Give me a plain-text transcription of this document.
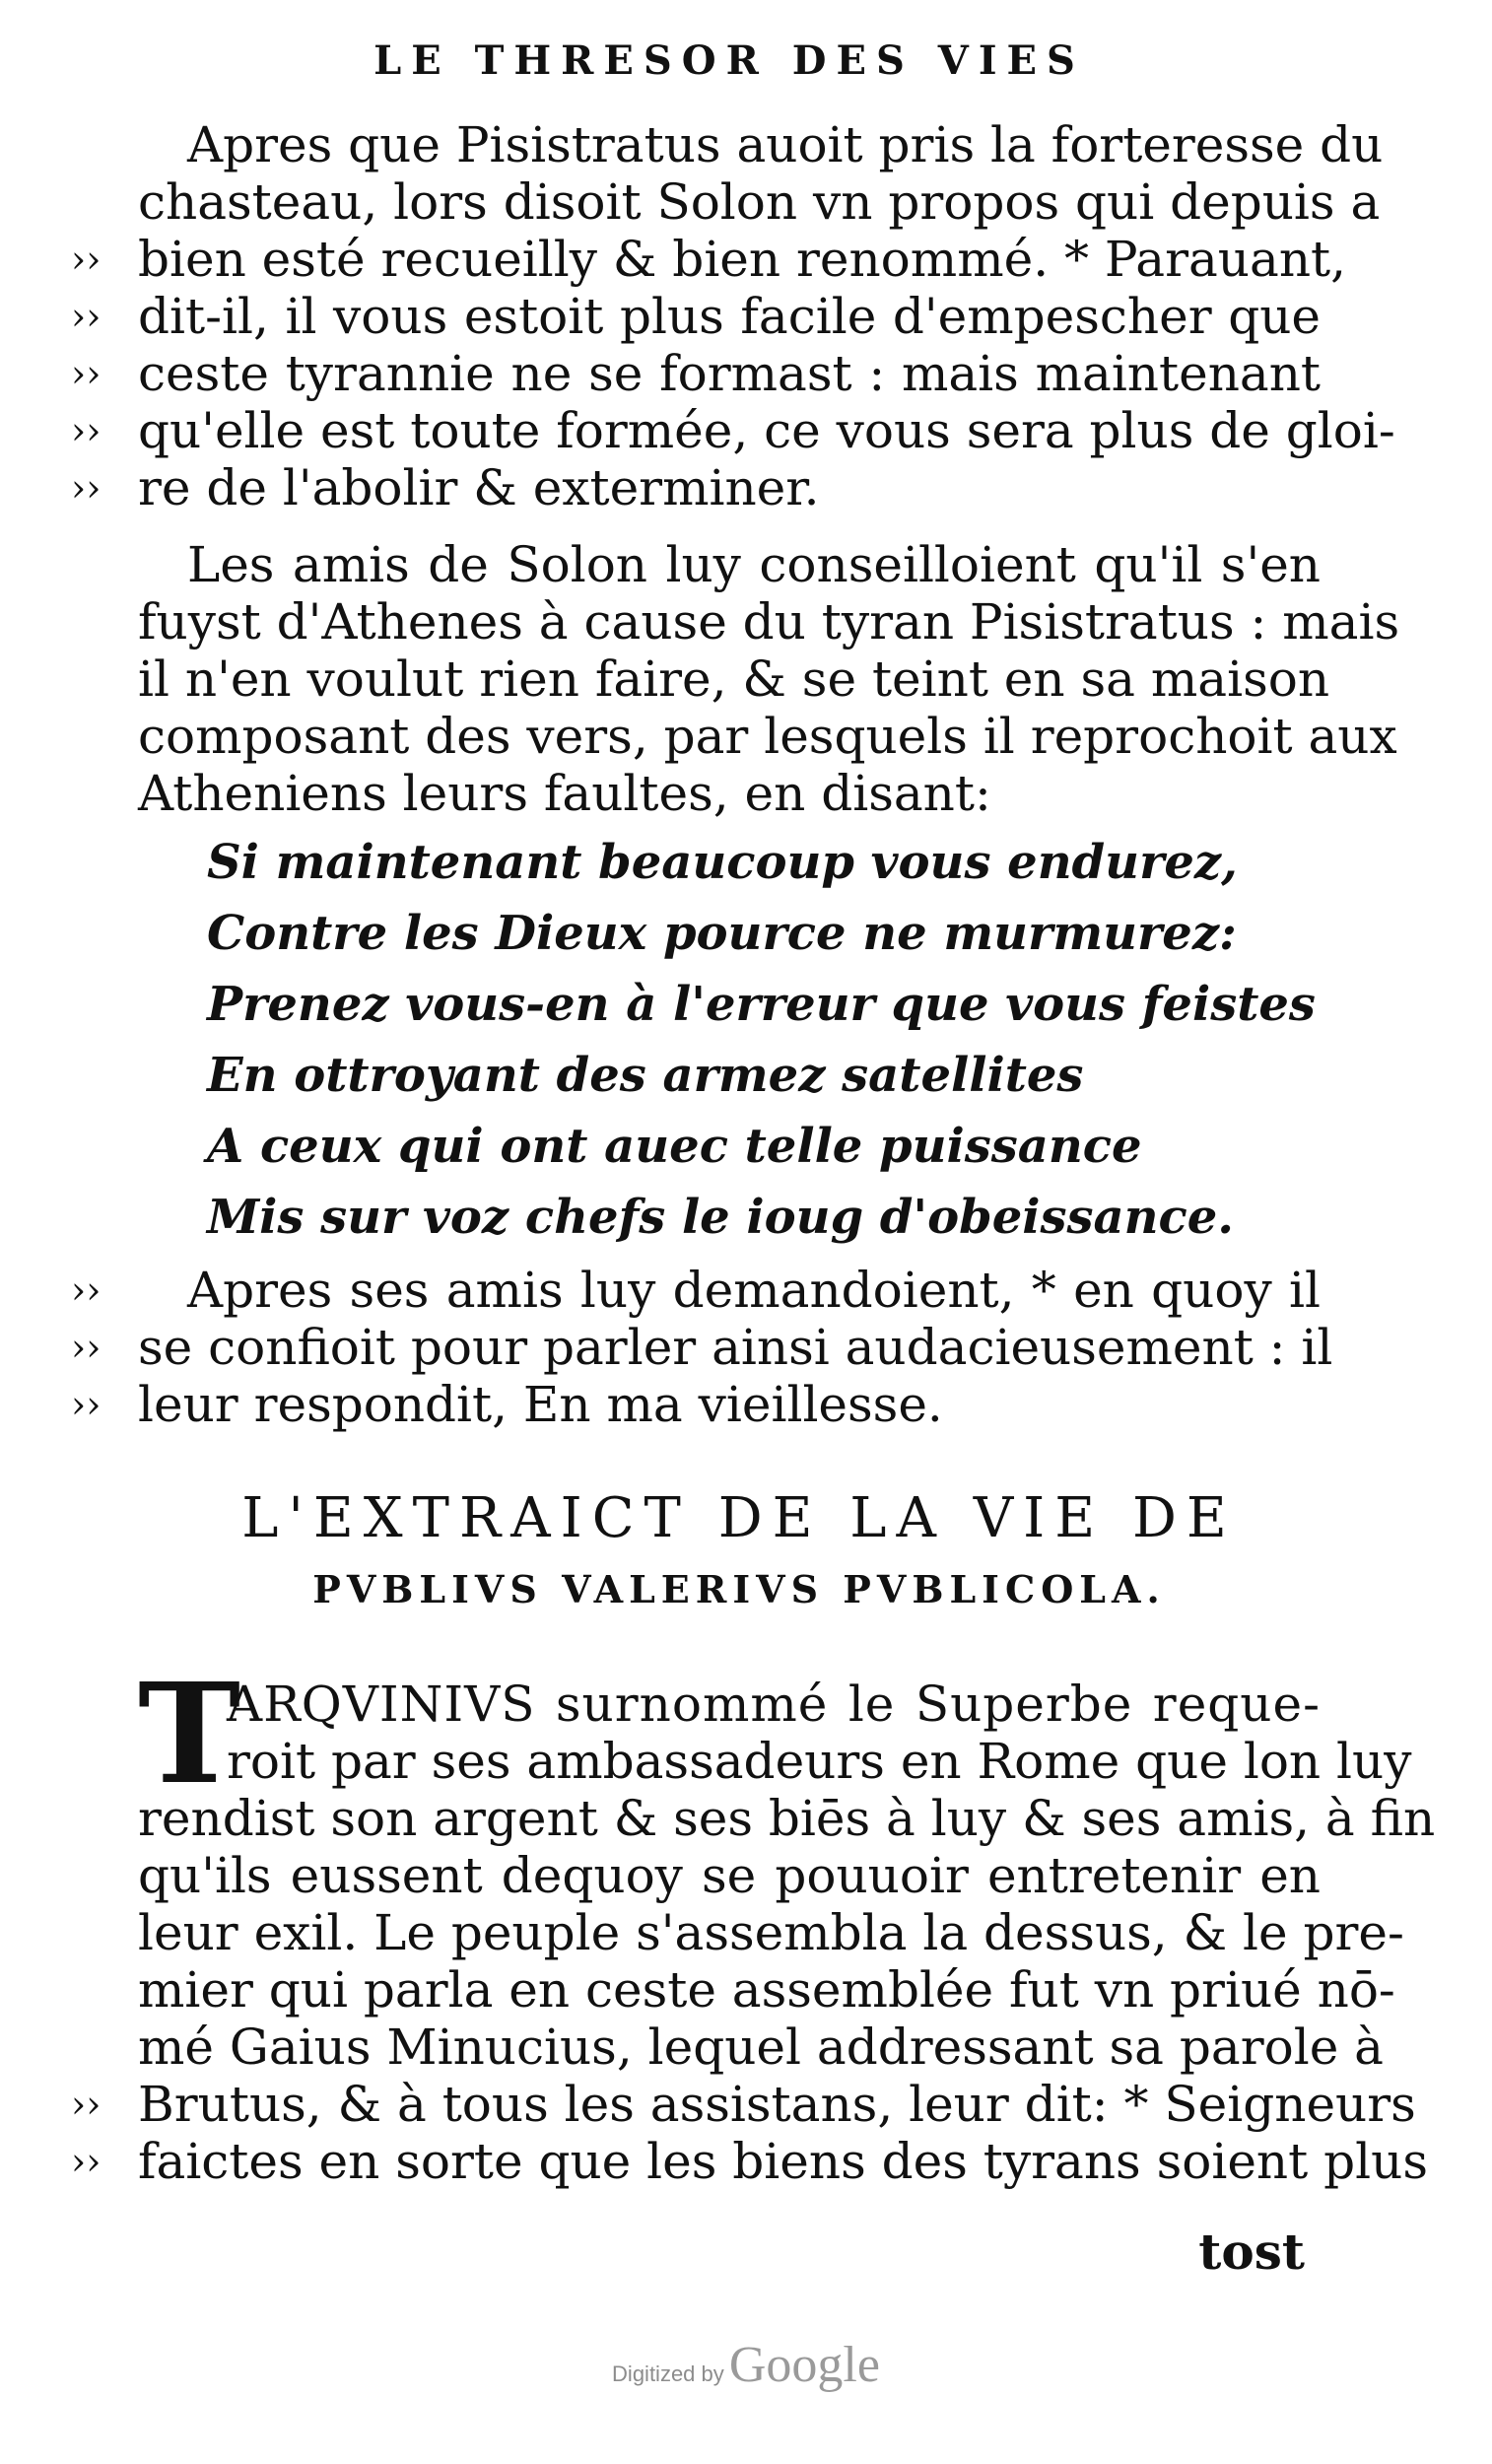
LE THRESOR DES VIES
Apres que Pisistratus auoit pris la forteresse du
chasteau, lors disoit Solon vn propos qui depuis a
bien esté recueilly & bien renommé. * Parauant,
dit-il, il vous estoit plus facile d'empescher que
ceste tyrannie ne se formast : mais maintenant
qu'elle est toute formée, ce vous sera plus de gloi-
re de l'abolir & exterminer.
››
››
››
››
››
Les amis de Solon luy conseilloient qu'il s'en
fuyst d'Athenes à cause du tyran Pisistratus : mais
il n'en voulut rien faire, & se teint en sa maison
composant des vers, par lesquels il reprochoit aux
Atheniens leurs faultes, en disant:
Si maintenant beaucoup vous endurez,
Contre les Dieux pource ne murmurez:
Prenez vous-en à l'erreur que vous feistes
En ottroyant des armez satellites
A ceux qui ont auec telle puissance
Mis sur voz chefs le ioug d'obeissance.
Apres ses amis luy demandoient, * en quoy il
se confioit pour parler ainsi audacieusement : il
leur respondit, En ma vieillesse.
››
››
››
L'EXTRAICT DE LA VIE DE
PVBLIVS VALERIVS PVBLICOLA.
T
ARQVINIVS surnommé le Superbe reque-
roit par ses ambassadeurs en Rome que lon luy
rendist son argent & ses biēs à luy & ses amis, à fin
qu'ils eussent dequoy se pouuoir entretenir en
leur exil. Le peuple s'assembla la dessus, & le pre-
mier qui parla en ceste assemblée fut vn priué nō-
mé Gaius Minucius, lequel addressant sa parole à
Brutus, & à tous les assistans, leur dit: * Seigneurs
faictes en sorte que les biens des tyrans soient plus
››
››
tost
Digitized by Google
